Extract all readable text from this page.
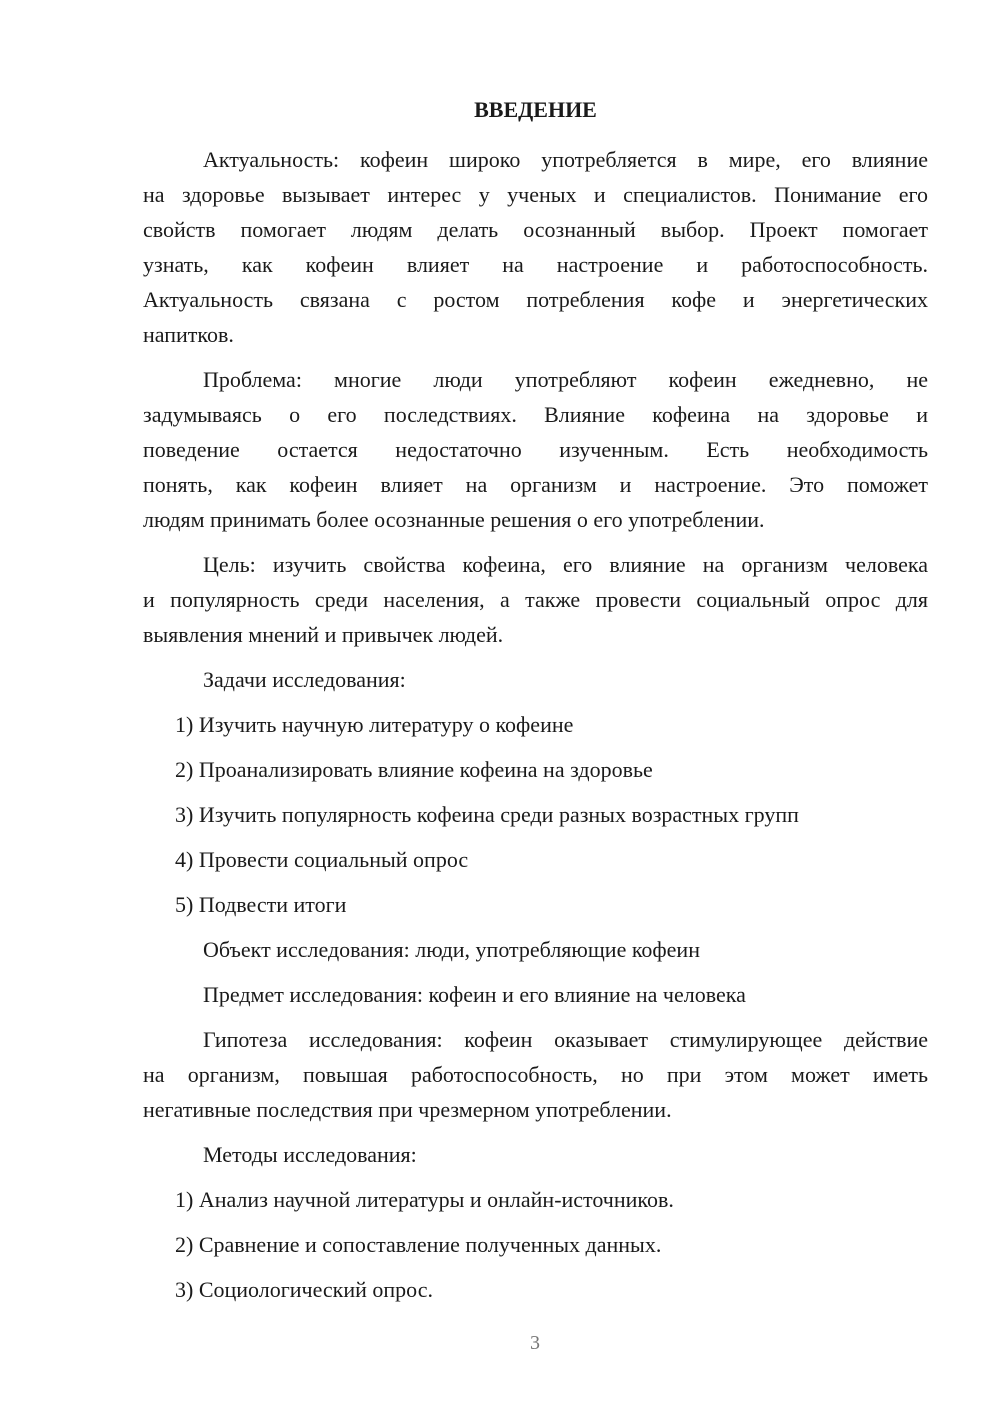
ВВЕДЕНИЕ
Актуальность: кофеин широко употребляется в мире, его влияние
на здоровье вызывает интерес у ученых и специалистов. Понимание его
свойств помогает людям делать осознанный выбор. Проект помогает
узнать, как кофеин влияет на настроение и работоспособность.
Актуальность связана с ростом потребления кофе и энергетических
напитков.
Проблема: многие люди употребляют кофеин ежедневно, не
задумываясь о его последствиях. Влияние кофеина на здоровье и
поведение остается недостаточно изученным. Есть необходимость
понять, как кофеин влияет на организм и настроение. Это поможет
людям принимать более осознанные решения о его употреблении.
Цель: изучить свойства кофеина, его влияние на организм человека
и популярность среди населения, а также провести социальный опрос для
выявления мнений и привычек людей.
Задачи исследования:
1) Изучить научную литературу о кофеине
2) Проанализировать влияние кофеина на здоровье
3) Изучить популярность кофеина среди разных возрастных групп
4) Провести социальный опрос
5) Подвести итоги
Объект исследования: люди, употребляющие кофеин
Предмет исследования: кофеин и его влияние на человека
Гипотеза исследования: кофеин оказывает стимулирующее действие
на организм, повышая работоспособность, но при этом может иметь
негативные последствия при чрезмерном употреблении.
Методы исследования:
1) Анализ научной литературы и онлайн-источников.
2) Сравнение и сопоставление полученных данных.
3) Социологический опрос.
3
